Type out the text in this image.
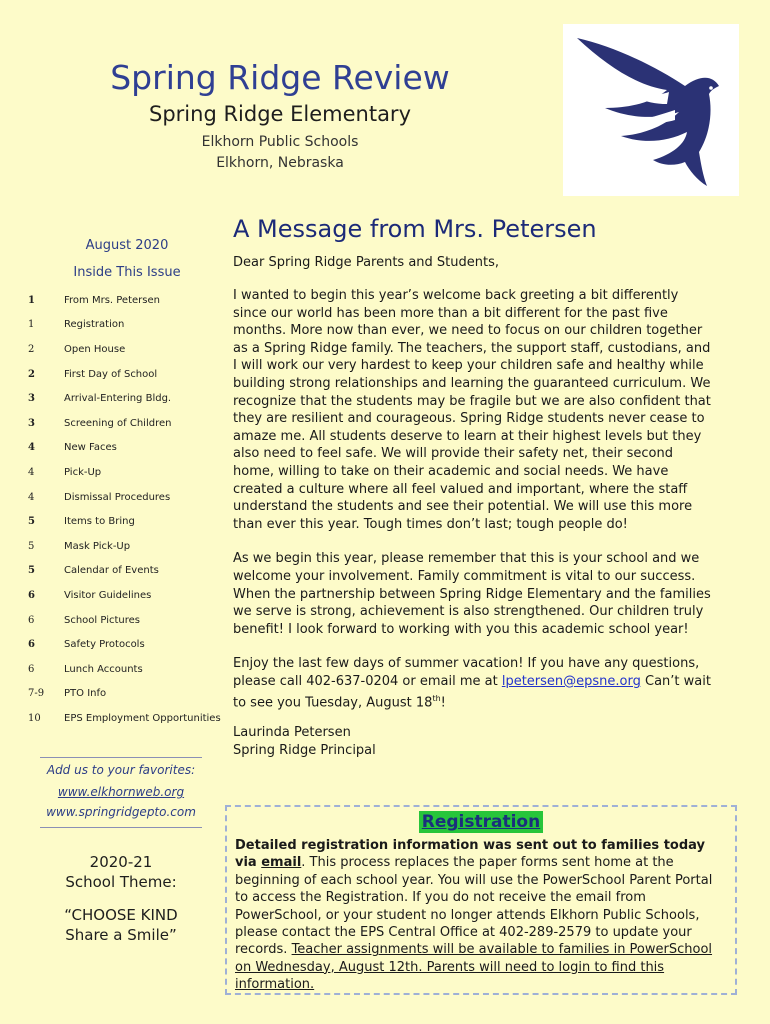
Spring Ridge Review
Spring Ridge Elementary
Elkhorn Public Schools
Elkhorn, Nebraska
August 2020
Inside This Issue
1	From Mrs. Petersen
1	Registration
2	Open House
2	First Day of School
3	Arrival-Entering Bldg.
3	Screening of Children
4	New Faces
4	Pick-Up
4	Dismissal Procedures
5	Items to Bring
5	Mask Pick-Up
5	Calendar of Events
6	Visitor Guidelines
6	School Pictures
6	Safety Protocols
6	Lunch Accounts
7-9	PTO Info
10	EPS Employment Opportunities
Add us to your favorites:
www.elkhornweb.org
www.springridgepto.com
2020-21
School Theme:
“CHOOSE KIND
Share a Smile”
A Message from Mrs. Petersen
Dear Spring Ridge Parents and Students,
I wanted to begin this year’s welcome back greeting a bit differently since our world has been more than a bit different for the past five months. More now than ever, we need to focus on our children together as a Spring Ridge family. The teachers, the support staff, custodians, and I will work our very hardest to keep your children safe and healthy while building strong relationships and learning the guaranteed curriculum. We recognize that the students may be fragile but we are also confident that they are resilient and courageous. Spring Ridge students never cease to amaze me. All students deserve to learn at their highest levels but they also need to feel safe. We will provide their safety net, their second home, willing to take on their academic and social needs. We have created a culture where all feel valued and important, where the staff understand the students and see their potential. We will use this more than ever this year. Tough times don’t last; tough people do!
As we begin this year, please remember that this is your school and we welcome your involvement. Family commitment is vital to our success. When the partnership between Spring Ridge Elementary and the families we serve is strong, achievement is also strengthened. Our children truly benefit! I look forward to working with you this academic school year!
Enjoy the last few days of summer vacation! If you have any questions, please call 402-637-0204 or email me at lpetersen@epsne.org Can’t wait to see you Tuesday, August 18th!
Laurinda Petersen
Spring Ridge Principal
Registration
Detailed registration information was sent out to families today via email. This process replaces the paper forms sent home at the beginning of each school year. You will use the PowerSchool Parent Portal to access the Registration. If you do not receive the email from PowerSchool, or your student no longer attends Elkhorn Public Schools, please contact the EPS Central Office at 402-289-2579 to update your records. Teacher assignments will be available to families in PowerSchool on Wednesday, August 12th. Parents will need to login to find this information.
